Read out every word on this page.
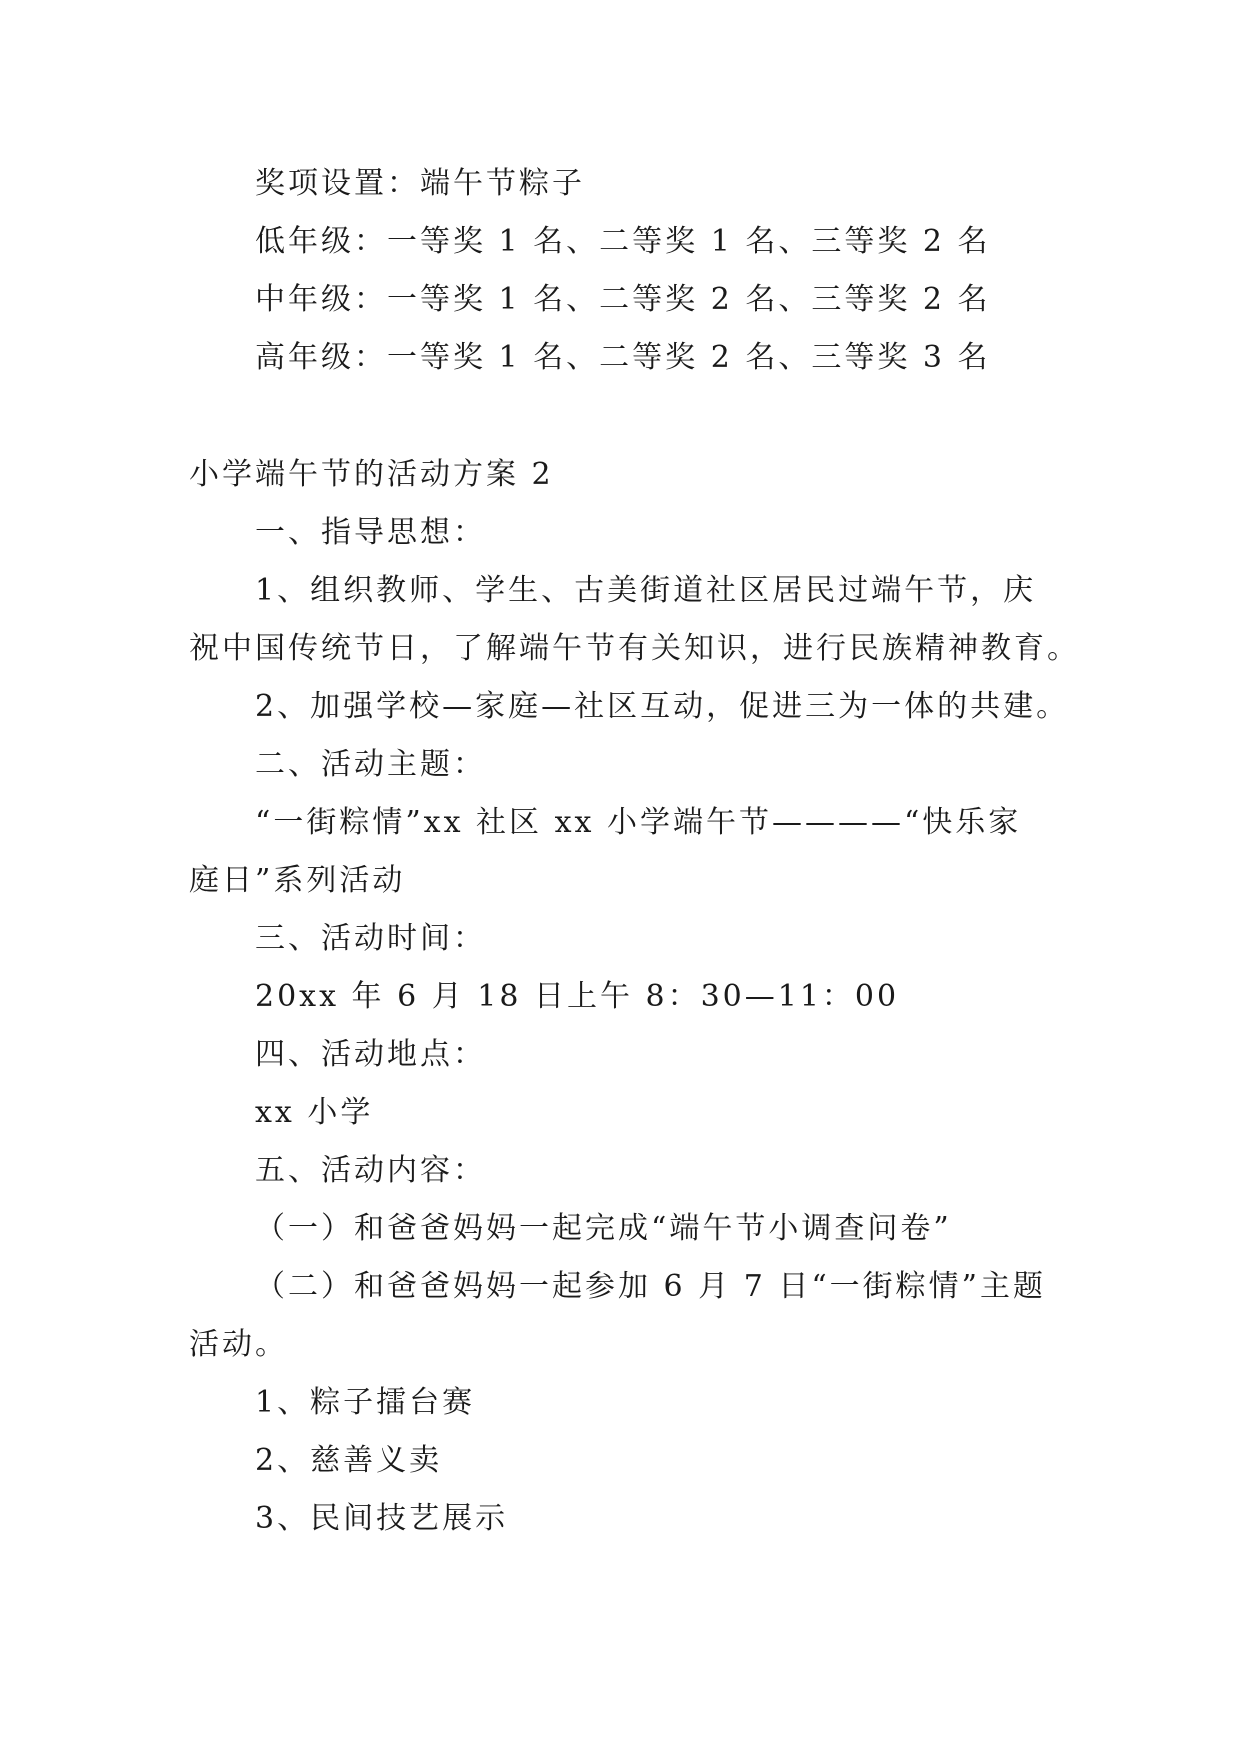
奖项设置：端午节粽子

低年级：一等奖 1 名、二等奖 1 名、三等奖 2 名

中年级：一等奖 1 名、二等奖 2 名、三等奖 2 名

高年级：一等奖 1 名、二等奖 2 名、三等奖 3 名

小学端午节的活动方案 2

一、指导思想：

1、组织教师、学生、古美街道社区居民过端午节，庆

祝中国传统节日，了解端午节有关知识，进行民族精神教育。

2、加强学校—家庭—社区互动，促进三为一体的共建。

二、活动主题：

“一街粽情”xx 社区 xx 小学端午节————“快乐家

庭日”系列活动

三、活动时间：

20xx 年 6 月 18 日上午 8：30—11：00

四、活动地点：

xx 小学

五、活动内容：

（一）和爸爸妈妈一起完成“端午节小调查问卷”

（二）和爸爸妈妈一起参加 6 月 7 日“一街粽情”主题

活动。

1、粽子擂台赛

2、慈善义卖

3、民间技艺展示
